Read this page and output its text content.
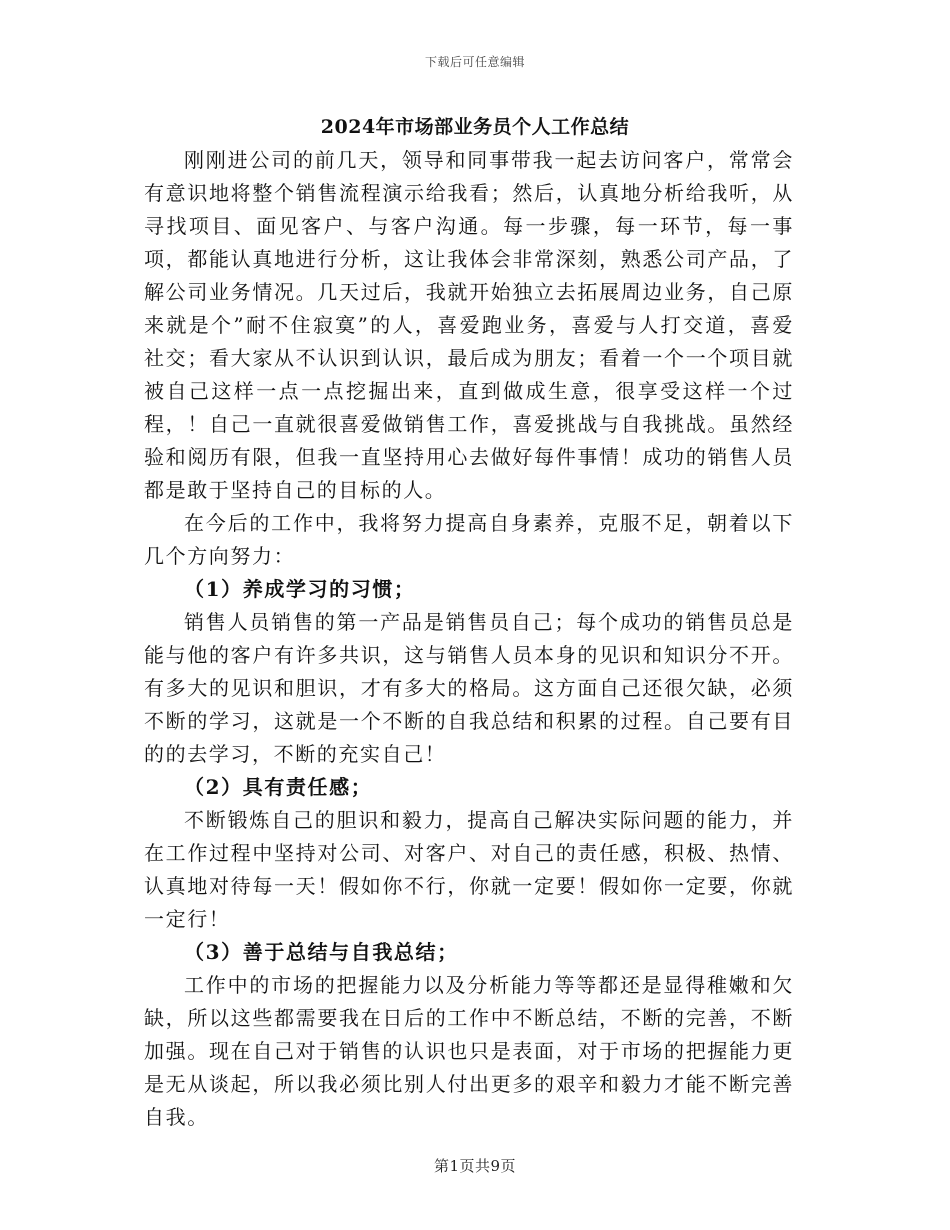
下载后可任意编辑
2024年市场部业务员个人工作总结

刚刚进公司的前几天，领导和同事带我一起去访问客户，常常会有意识地将整个销售流程演示给我看；然后，认真地分析给我听，从寻找项目、面见客户、与客户沟通。每一步骤，每一环节，每一事项，都能认真地进行分析，这让我体会非常深刻，熟悉公司产品，了解公司业务情况。几天过后，我就开始独立去拓展周边业务，自己原来就是个”耐不住寂寞”的人，喜爱跑业务，喜爱与人打交道，喜爱社交；看大家从不认识到认识，最后成为朋友；看着一个一个项目就被自己这样一点一点挖掘出来，直到做成生意，很享受这样一个过程，！自己一直就很喜爱做销售工作，喜爱挑战与自我挑战。虽然经验和阅历有限，但我一直坚持用心去做好每件事情！成功的销售人员都是敢于坚持自己的目标的人。

在今后的工作中，我将努力提高自身素养，克服不足，朝着以下几个方向努力：

（1）养成学习的习惯；

销售人员销售的第一产品是销售员自己；每个成功的销售员总是能与他的客户有许多共识，这与销售人员本身的见识和知识分不开。有多大的见识和胆识，才有多大的格局。这方面自己还很欠缺，必须不断的学习，这就是一个不断的自我总结和积累的过程。自己要有目的的去学习，不断的充实自己！

（2）具有责任感；

不断锻炼自己的胆识和毅力，提高自己解决实际问题的能力，并在工作过程中坚持对公司、对客户、对自己的责任感，积极、热情、认真地对待每一天！假如你不行，你就一定要！假如你一定要，你就一定行！

（3）善于总结与自我总结；

工作中的市场的把握能力以及分析能力等等都还是显得稚嫩和欠缺，所以这些都需要我在日后的工作中不断总结，不断的完善，不断加强。现在自己对于销售的认识也只是表面，对于市场的把握能力更是无从谈起，所以我必须比别人付出更多的艰辛和毅力才能不断完善自我。

第1页共9页
